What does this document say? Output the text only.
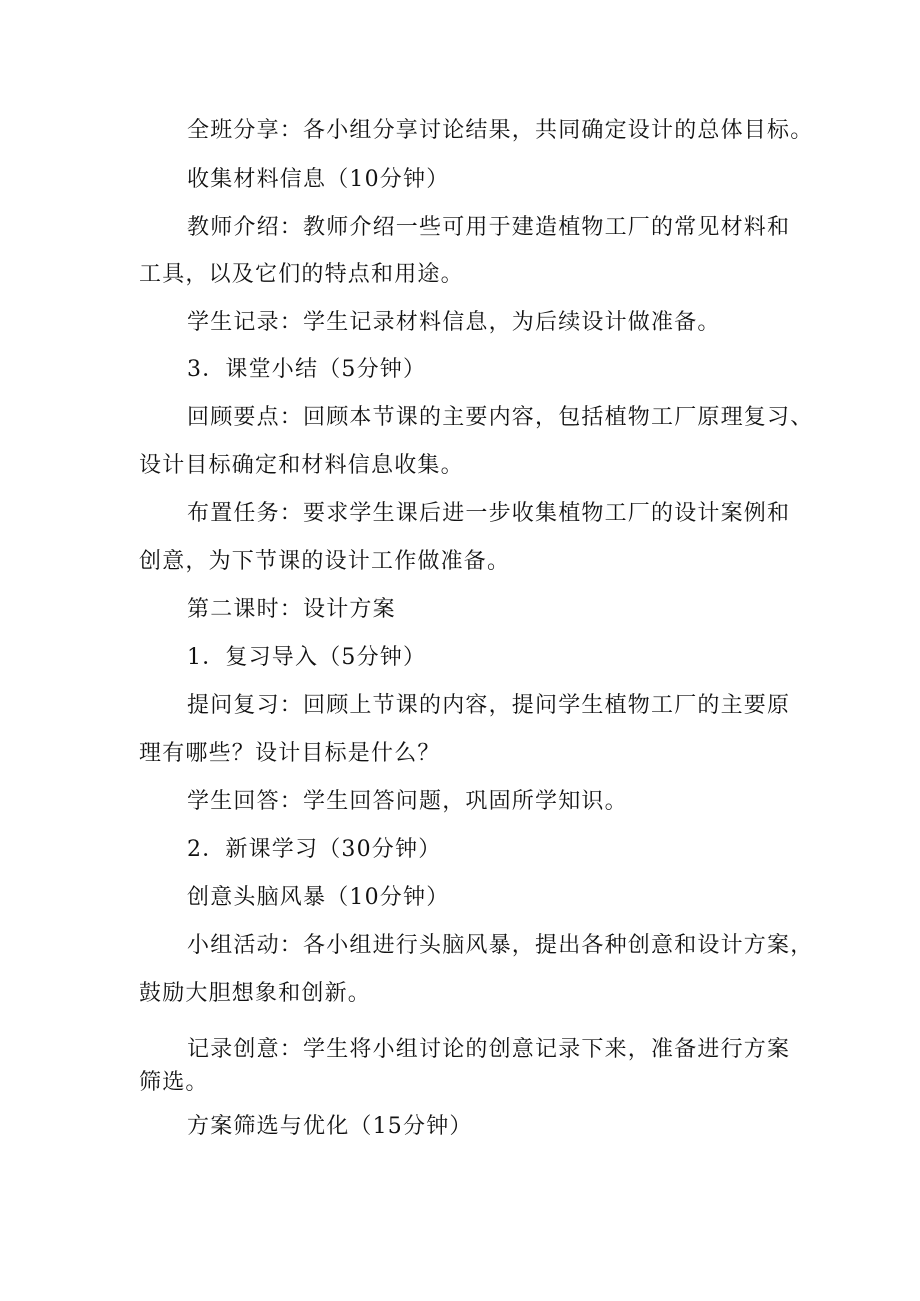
全班分享：各小组分享讨论结果，共同确定设计的总体目标。
收集材料信息（10分钟）
教师介绍：教师介绍一些可用于建造植物工厂的常见材料和
工具，以及它们的特点和用途。
学生记录：学生记录材料信息，为后续设计做准备。
3．课堂小结（5分钟）
回顾要点：回顾本节课的主要内容，包括植物工厂原理复习、
设计目标确定和材料信息收集。
布置任务：要求学生课后进一步收集植物工厂的设计案例和
创意，为下节课的设计工作做准备。
第二课时：设计方案
1．复习导入（5分钟）
提问复习：回顾上节课的内容，提问学生植物工厂的主要原
理有哪些？设计目标是什么？
学生回答：学生回答问题，巩固所学知识。
2．新课学习（30分钟）
创意头脑风暴（10分钟）
小组活动：各小组进行头脑风暴，提出各种创意和设计方案，
鼓励大胆想象和创新。
记录创意：学生将小组讨论的创意记录下来，准备进行方案
筛选。
方案筛选与优化（15分钟）
